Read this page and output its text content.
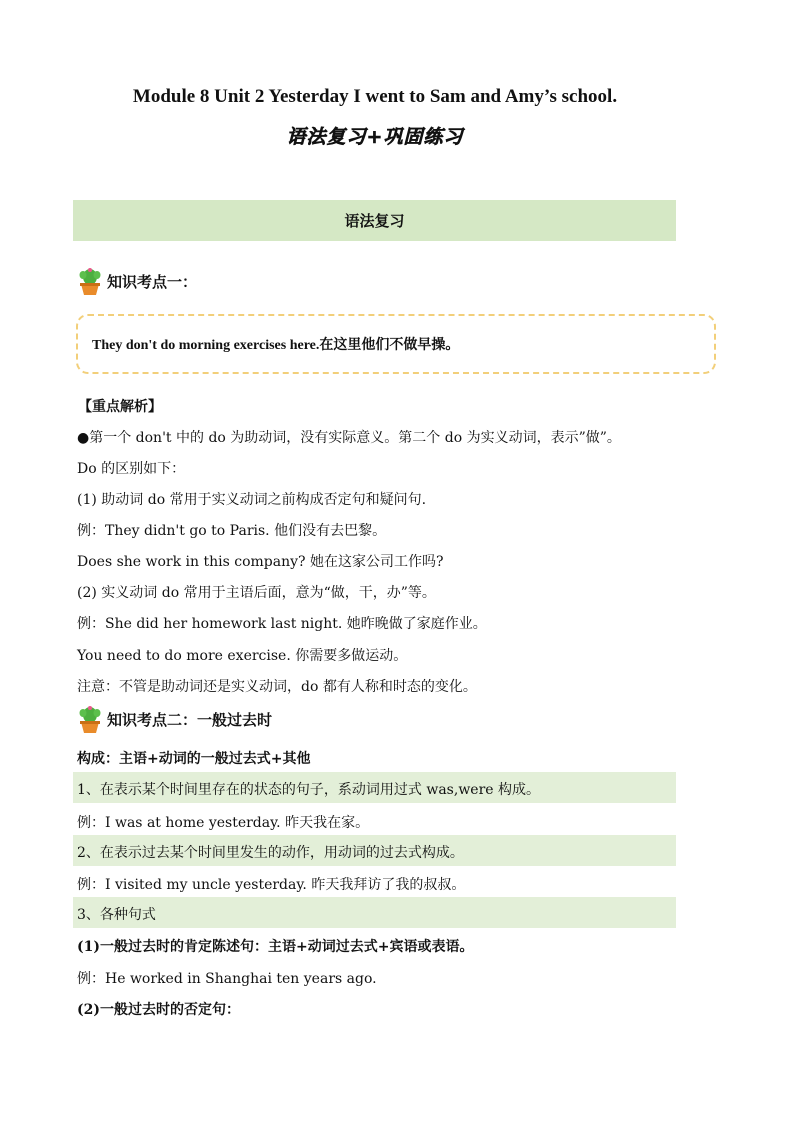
Module 8 Unit 2 Yesterday I went to Sam and Amy’s school.
语法复习+巩固练习
语法复习
知识考点一：
They don't do morning exercises here.在这里他们不做早操。
【重点解析】
●第一个 don't 中的 do 为助动词，没有实际意义。第二个 do 为实义动词，表示”做”。
Do 的区别如下：
(1) 助动词 do 常用于实义动词之前构成否定句和疑问句.
例：They didn't go to Paris. 他们没有去巴黎。
Does she work in this company? 她在这家公司工作吗?
(2) 实义动词 do 常用于主语后面，意为“做，干，办”等。
例：She did her homework last night. 她昨晚做了家庭作业。
You need to do more exercise. 你需要多做运动。
注意：不管是助动词还是实义动词，do 都有人称和时态的变化。
知识考点二：一般过去时
构成：主语+动词的一般过去式+其他
1、在表示某个时间里存在的状态的句子，系动词用过式 was,were 构成。
例：I was at home yesterday. 昨天我在家。
2、在表示过去某个时间里发生的动作，用动词的过去式构成。
例：I visited my uncle yesterday. 昨天我拜访了我的叔叔。
3、各种句式
(1)一般过去时的肯定陈述句：主语+动词过去式+宾语或表语。
例：He worked in Shanghai ten years ago.
(2)一般过去时的否定句：
